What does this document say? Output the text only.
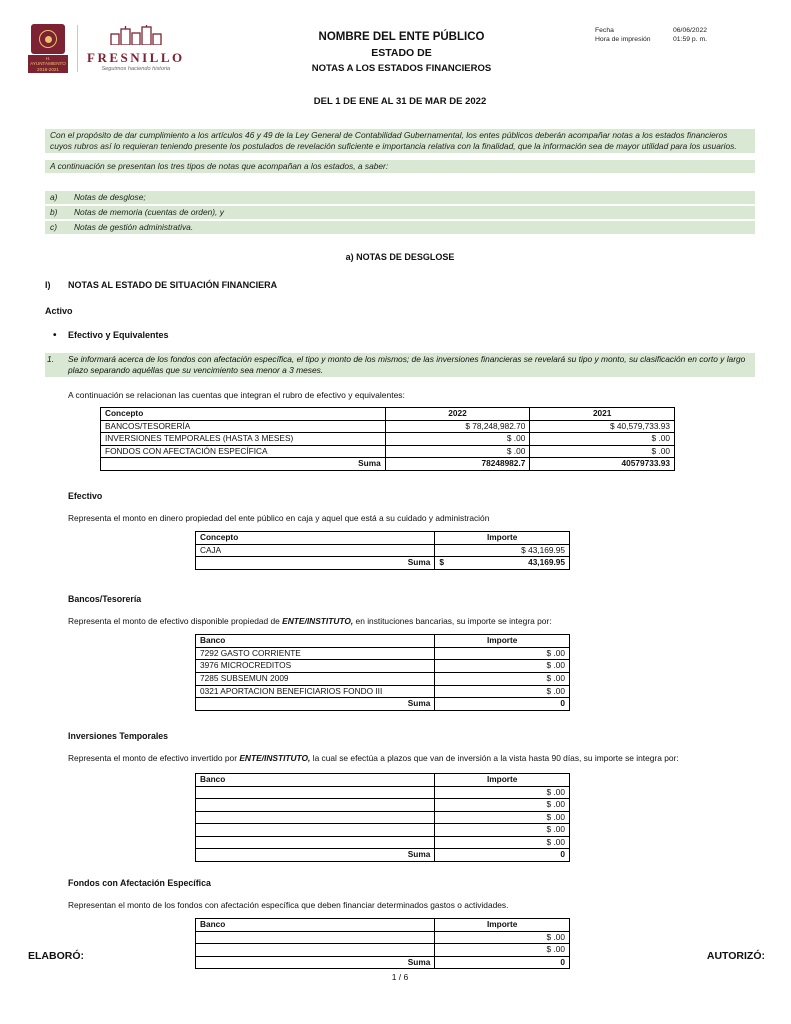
H. AYUNTAMIENTO 2018-2021
FRESNILLO
Seguimos haciendo historia
NOMBRE DEL ENTE PÚBLICO
ESTADO DE
NOTAS A LOS ESTADOS FINANCIEROS
Fecha	06/06/2022
Hora de impresión	01:59 p. m.
DEL 1 DE ENE AL 31 DE MAR DE 2022

Con el propósito de dar cumplimiento a los artículos 46 y 49 de la Ley General de Contabilidad Gubernamental, los entes públicos deberán acompañar notas a los estados financieros cuyos rubros así lo requieran teniendo presente los postulados de revelación suficiente e importancia relativa con la finalidad, que la información sea de mayor utilidad para los usuarios.

A continuación se presentan los tres tipos de notas que acompañan a los estados, a saber:

a)	Notas de desglose;
b)	Notas de memoria (cuentas de orden), y
c)	Notas de gestión administrativa.
a) NOTAS DE DESGLOSE
I)	NOTAS AL ESTADO DE SITUACIÓN FINANCIERA
Activo
•
Efectivo y Equivalentes
1.	Se informará acerca de los fondos con afectación específica, el tipo y monto de los mismos; de las inversiones financieras se revelará su tipo y monto, su clasificación en corto y largo plazo separando aquéllas que su vencimiento sea menor a 3 meses.

A continuación se relacionan las cuentas que integran el rubro de efectivo y equivalentes:

Concepto	2022	2021
BANCOS/TESORERÍA	$ 78,248,982.70	$ 40,579,733.93
INVERSIONES TEMPORALES (HASTA 3 MESES)	$ .00	$ .00
FONDOS CON AFECTACIÓN ESPECÍFICA	$ .00	$ .00
Suma	78248982.7	40579733.93
Efectivo
Representa el monto en dinero propiedad del ente público en caja y aquel que está a su cuidado y administración
Concepto	Importe
CAJA	$ 43,169.95
Suma	$ 43,169.95
Bancos/Tesorería
Representa el monto de efectivo disponible propiedad de ENTE/INSTITUTO, en instituciones bancarias, su importe se integra por:
Banco	Importe
7292 GASTO CORRIENTE	$ .00
3976 MICROCREDITOS	$ .00
7285 SUBSEMUN 2009	$ .00
0321 APORTACION BENEFICIARIOS FONDO III	$ .00
Suma	0
Inversiones Temporales
Representa el monto de efectivo invertido por ENTE/INSTITUTO, la cual se efectúa a plazos que van de inversión a la vista hasta 90 días, su importe se integra por:
Banco	Importe
	$ .00
	$ .00
	$ .00
	$ .00
	$ .00
Suma	0
Fondos con Afectación Específica
Representan el monto de los fondos con afectación específica que deben financiar determinados gastos o actividades.
Banco	Importe
	$ .00
	$ .00
Suma	0
1 / 6
ELABORÓ:	AUTORIZÓ:
